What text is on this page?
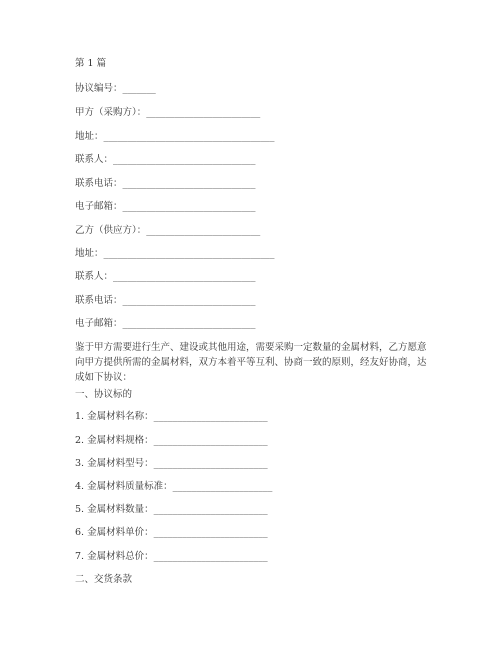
第 1 篇
协议编号：_______
甲方（采购方）：________________________
地址：____________________________________
联系人：______________________________
联系电话：____________________________
电子邮箱：____________________________
乙方（供应方）：________________________
地址：____________________________________
联系人：______________________________
联系电话：____________________________
电子邮箱：____________________________
鉴于甲方需要进行生产、建设或其他用途，需要采购一定数量的金属材料，乙方愿意向甲方提供所需的金属材料，双方本着平等互利、协商一致的原则，经友好协商，达成如下协议：
一、协议标的
1. 金属材料名称：________________________
2. 金属材料规格：________________________
3. 金属材料型号：________________________
4. 金属材料质量标准：_____________________
5. 金属材料数量：________________________
6. 金属材料单价：________________________
7. 金属材料总价：________________________
二、交货条款
